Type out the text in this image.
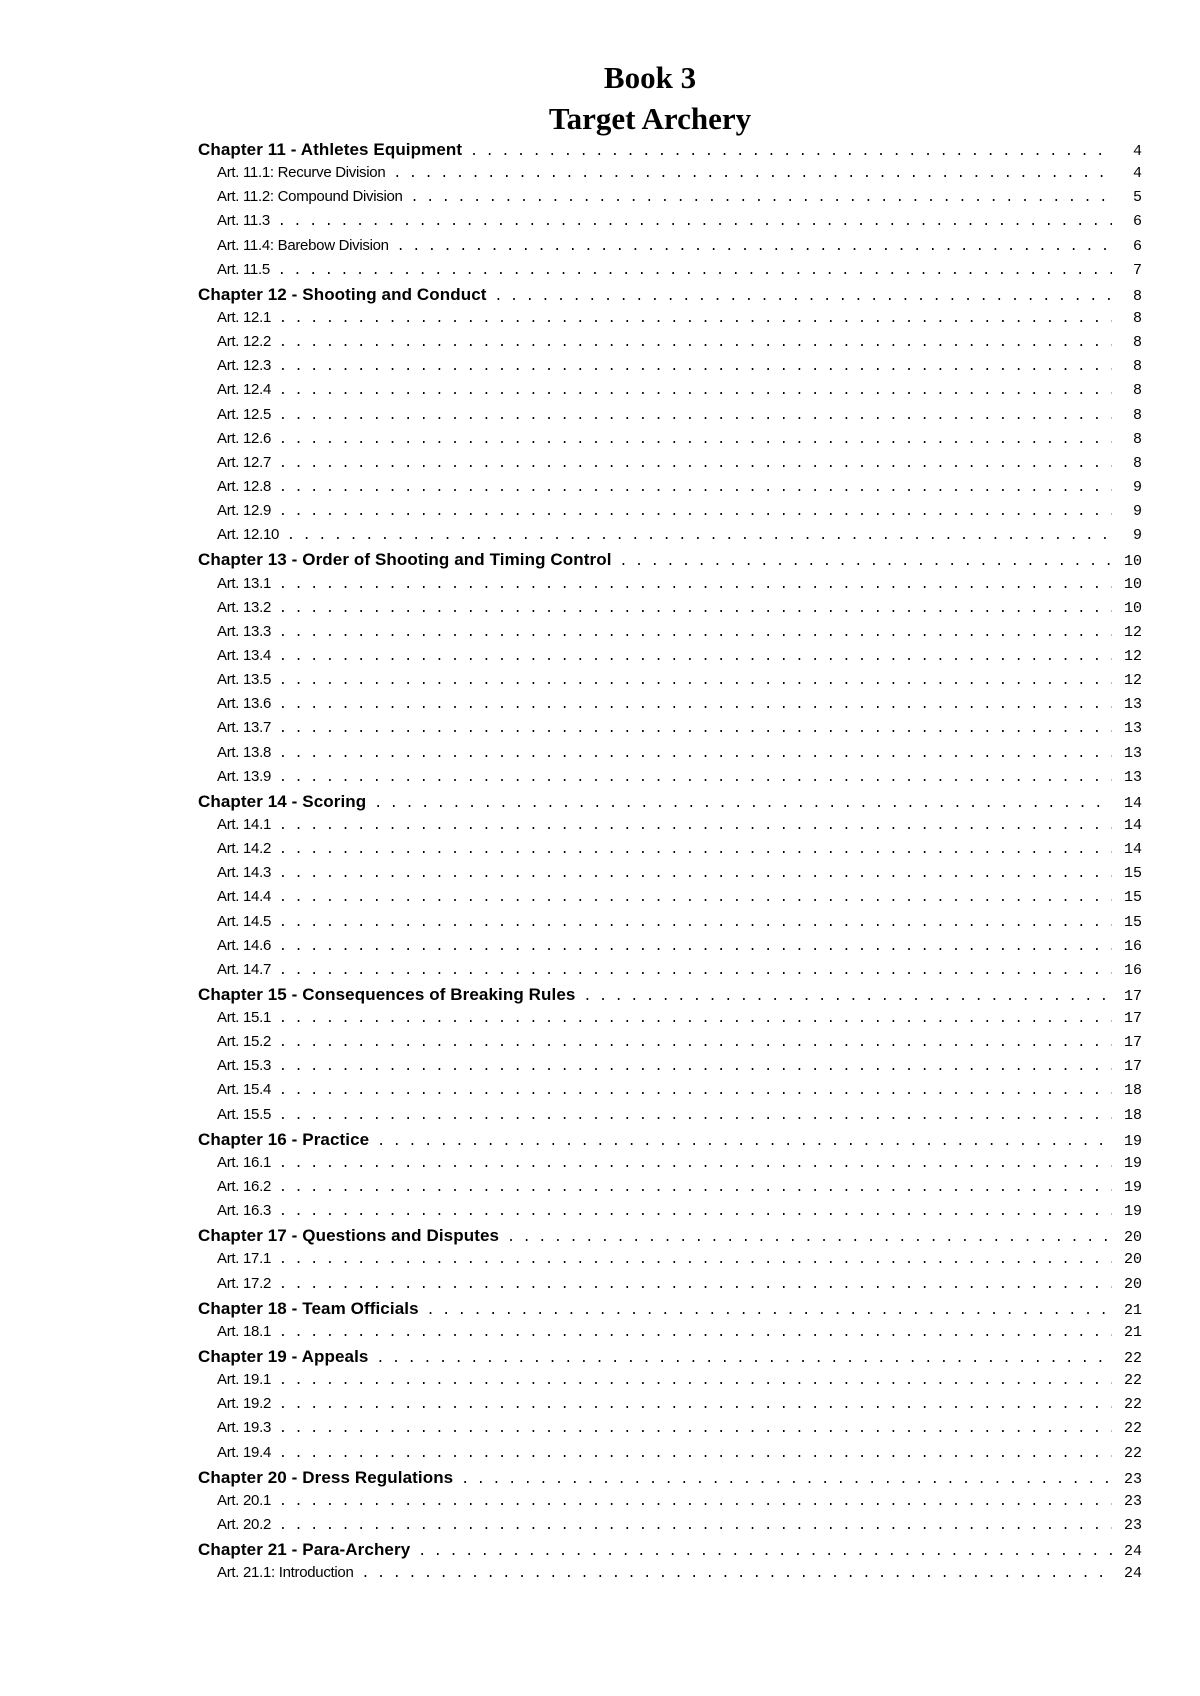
Book 3
Target Archery
Chapter 11 - Athletes Equipment . . .	4
Art. 11.1: Recurve Division . . .	4
Art. 11.2: Compound Division . . .	5
Art. 11.3 . . .	6
Art. 11.4: Barebow Division . . .	6
Art. 11.5 . . .	7
Chapter 12 - Shooting and Conduct . . .	8
Art. 12.1 . . .	8
Art. 12.2 . . .	8
Art. 12.3 . . .	8
Art. 12.4 . . .	8
Art. 12.5 . . .	8
Art. 12.6 . . .	8
Art. 12.7 . . .	8
Art. 12.8 . . .	9
Art. 12.9 . . .	9
Art. 12.10 . . .	9
Chapter 13 - Order of Shooting and Timing Control . . .	10
Art. 13.1 . . .	10
Art. 13.2 . . .	10
Art. 13.3 . . .	12
Art. 13.4 . . .	12
Art. 13.5 . . .	12
Art. 13.6 . . .	13
Art. 13.7 . . .	13
Art. 13.8 . . .	13
Art. 13.9 . . .	13
Chapter 14 - Scoring . . .	14
Art. 14.1 . . .	14
Art. 14.2 . . .	14
Art. 14.3 . . .	15
Art. 14.4 . . .	15
Art. 14.5 . . .	15
Art. 14.6 . . .	16
Art. 14.7 . . .	16
Chapter 15 - Consequences of Breaking Rules . . .	17
Art. 15.1 . . .	17
Art. 15.2 . . .	17
Art. 15.3 . . .	17
Art. 15.4 . . .	18
Art. 15.5 . . .	18
Chapter 16 - Practice . . .	19
Art. 16.1 . . .	19
Art. 16.2 . . .	19
Art. 16.3 . . .	19
Chapter 17 - Questions and Disputes . . .	20
Art. 17.1 . . .	20
Art. 17.2 . . .	20
Chapter 18 - Team Officials . . .	21
Art. 18.1 . . .	21
Chapter 19 - Appeals . . .	22
Art. 19.1 . . .	22
Art. 19.2 . . .	22
Art. 19.3 . . .	22
Art. 19.4 . . .	22
Chapter 20 - Dress Regulations . . .	23
Art. 20.1 . . .	23
Art. 20.2 . . .	23
Chapter 21 - Para-Archery . . .	24
Art. 21.1: Introduction . . .	24
